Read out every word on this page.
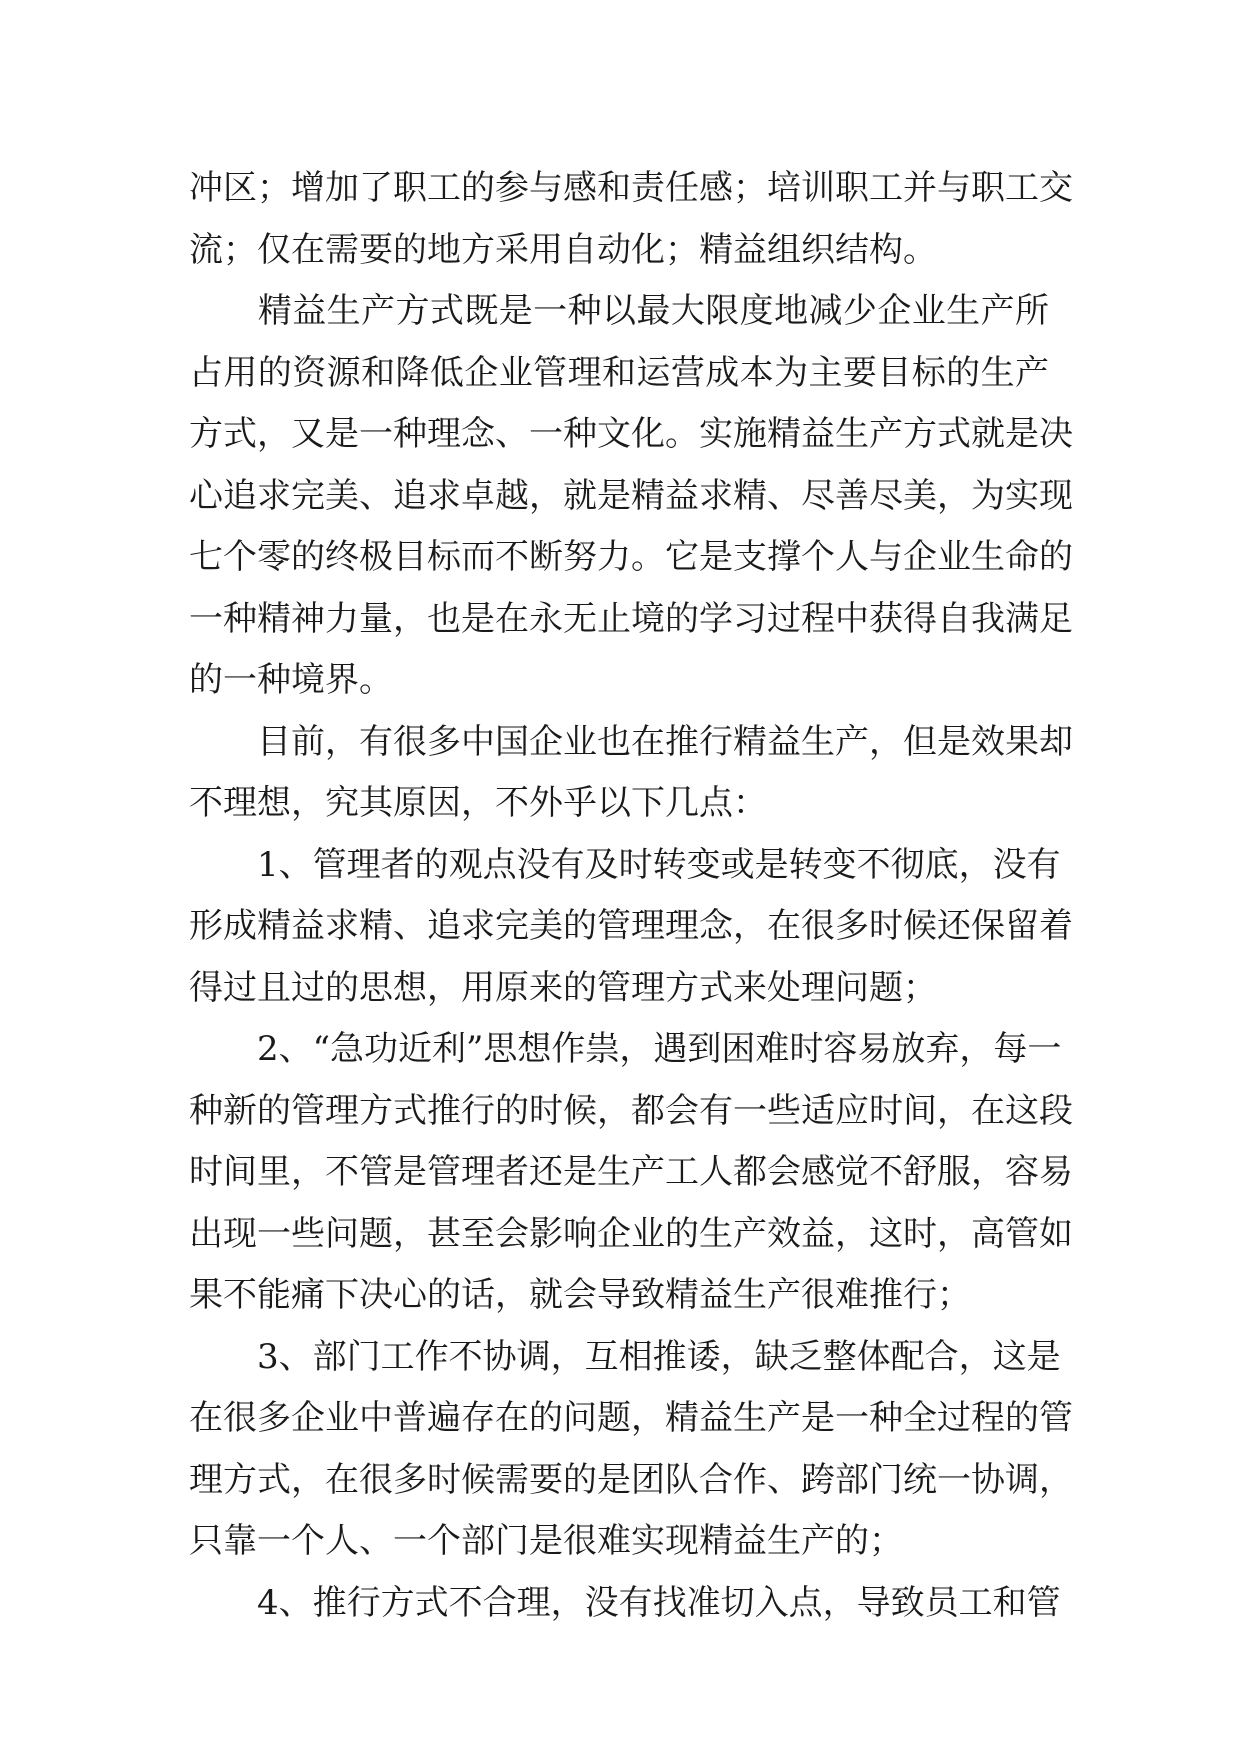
冲区；增加了职工的参与感和责任感；培训职工并与职工交
流；仅在需要的地方采用自动化；精益组织结构。
　　精益生产方式既是一种以最大限度地减少企业生产所
占用的资源和降低企业管理和运营成本为主要目标的生产
方式，又是一种理念、一种文化。实施精益生产方式就是决
心追求完美、追求卓越，就是精益求精、尽善尽美，为实现
七个零的终极目标而不断努力。它是支撑个人与企业生命的
一种精神力量，也是在永无止境的学习过程中获得自我满足
的一种境界。
　　目前，有很多中国企业也在推行精益生产，但是效果却
不理想，究其原因，不外乎以下几点：
　　1、管理者的观点没有及时转变或是转变不彻底，没有
形成精益求精、追求完美的管理理念，在很多时候还保留着
得过且过的思想，用原来的管理方式来处理问题；
　　2、“急功近利”思想作祟，遇到困难时容易放弃，每一
种新的管理方式推行的时候，都会有一些适应时间，在这段
时间里，不管是管理者还是生产工人都会感觉不舒服，容易
出现一些问题，甚至会影响企业的生产效益，这时，高管如
果不能痛下决心的话，就会导致精益生产很难推行；
　　3、部门工作不协调，互相推诿，缺乏整体配合，这是
在很多企业中普遍存在的问题，精益生产是一种全过程的管
理方式，在很多时候需要的是团队合作、跨部门统一协调，
只靠一个人、一个部门是很难实现精益生产的；
　　4、推行方式不合理，没有找准切入点，导致员工和管
